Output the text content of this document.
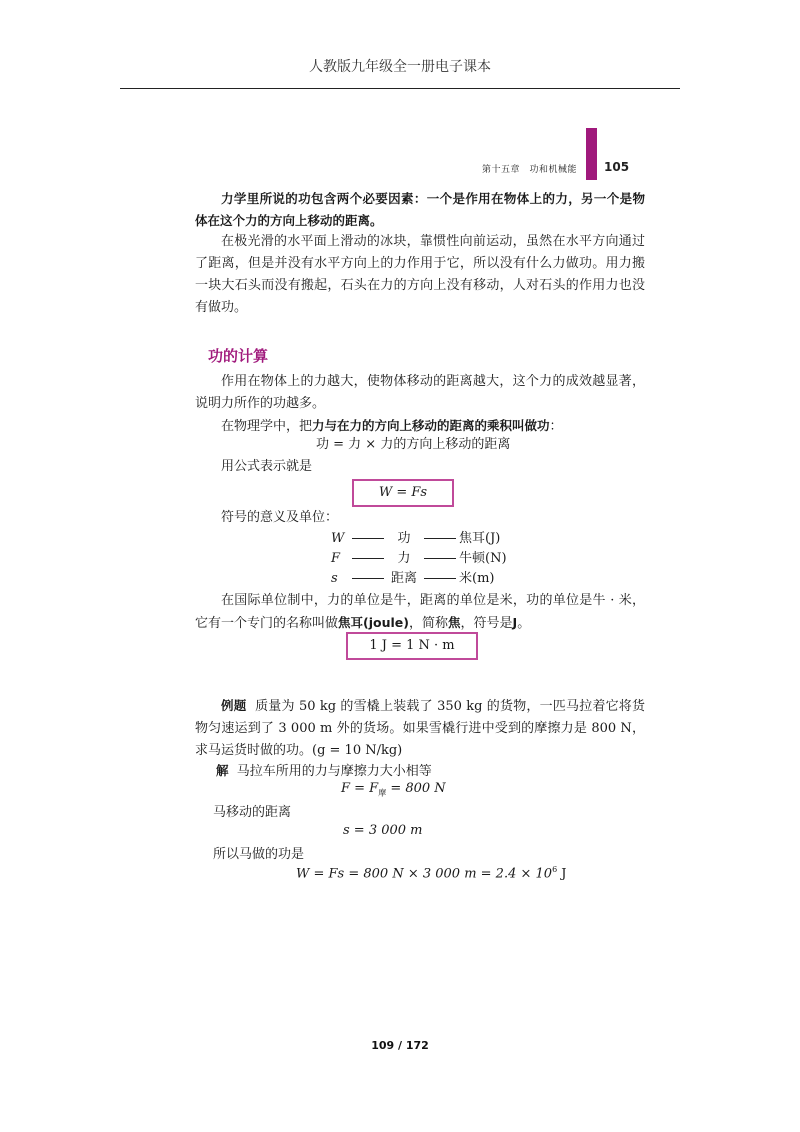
人教版九年级全一册电子课本
第十五章　功和机械能 105
力学里所说的功包含两个必要因素：一个是作用在物体上的力，另一个是物体在这个力的方向上移动的距离。
在极光滑的水平面上滑动的冰块，靠惯性向前运动，虽然在水平方向通过了距离，但是并没有水平方向上的力作用于它，所以没有什么力做功。用力搬一块大石头而没有搬起，石头在力的方向上没有移动，人对石头的作用力也没有做功。
功的计算
作用在物体上的力越大，使物体移动的距离越大，这个力的成效越显著，说明力所作的功越多。
在物理学中，把力与在力的方向上移动的距离的乘积叫做功：
功 = 力 × 力的方向上移动的距离
用公式表示就是
W = Fs
符号的意义及单位：
W	功	焦耳(J)
F	力	牛顿(N)
s	距离	米(m)
在国际单位制中，力的单位是牛，距离的单位是米，功的单位是牛 · 米，它有一个专门的名称叫做焦耳(joule)，简称焦，符号是J。
1 J = 1 N · m
例题 质量为 50 kg 的雪橇上装载了 350 kg 的货物，一匹马拉着它将货物匀速运到了 3 000 m 外的货场。如果雪橇行进中受到的摩擦力是 800 N，求马运货时做的功。(g = 10 N/kg)
解 马拉车所用的力与摩擦力大小相等
$F = F_摩 = 800$ N
马移动的距离
s = 3 000 m
所以马做的功是
W = Fs = 800 N × 3 000 $m = 2.4 \times 10^6$ J
109 / 172
